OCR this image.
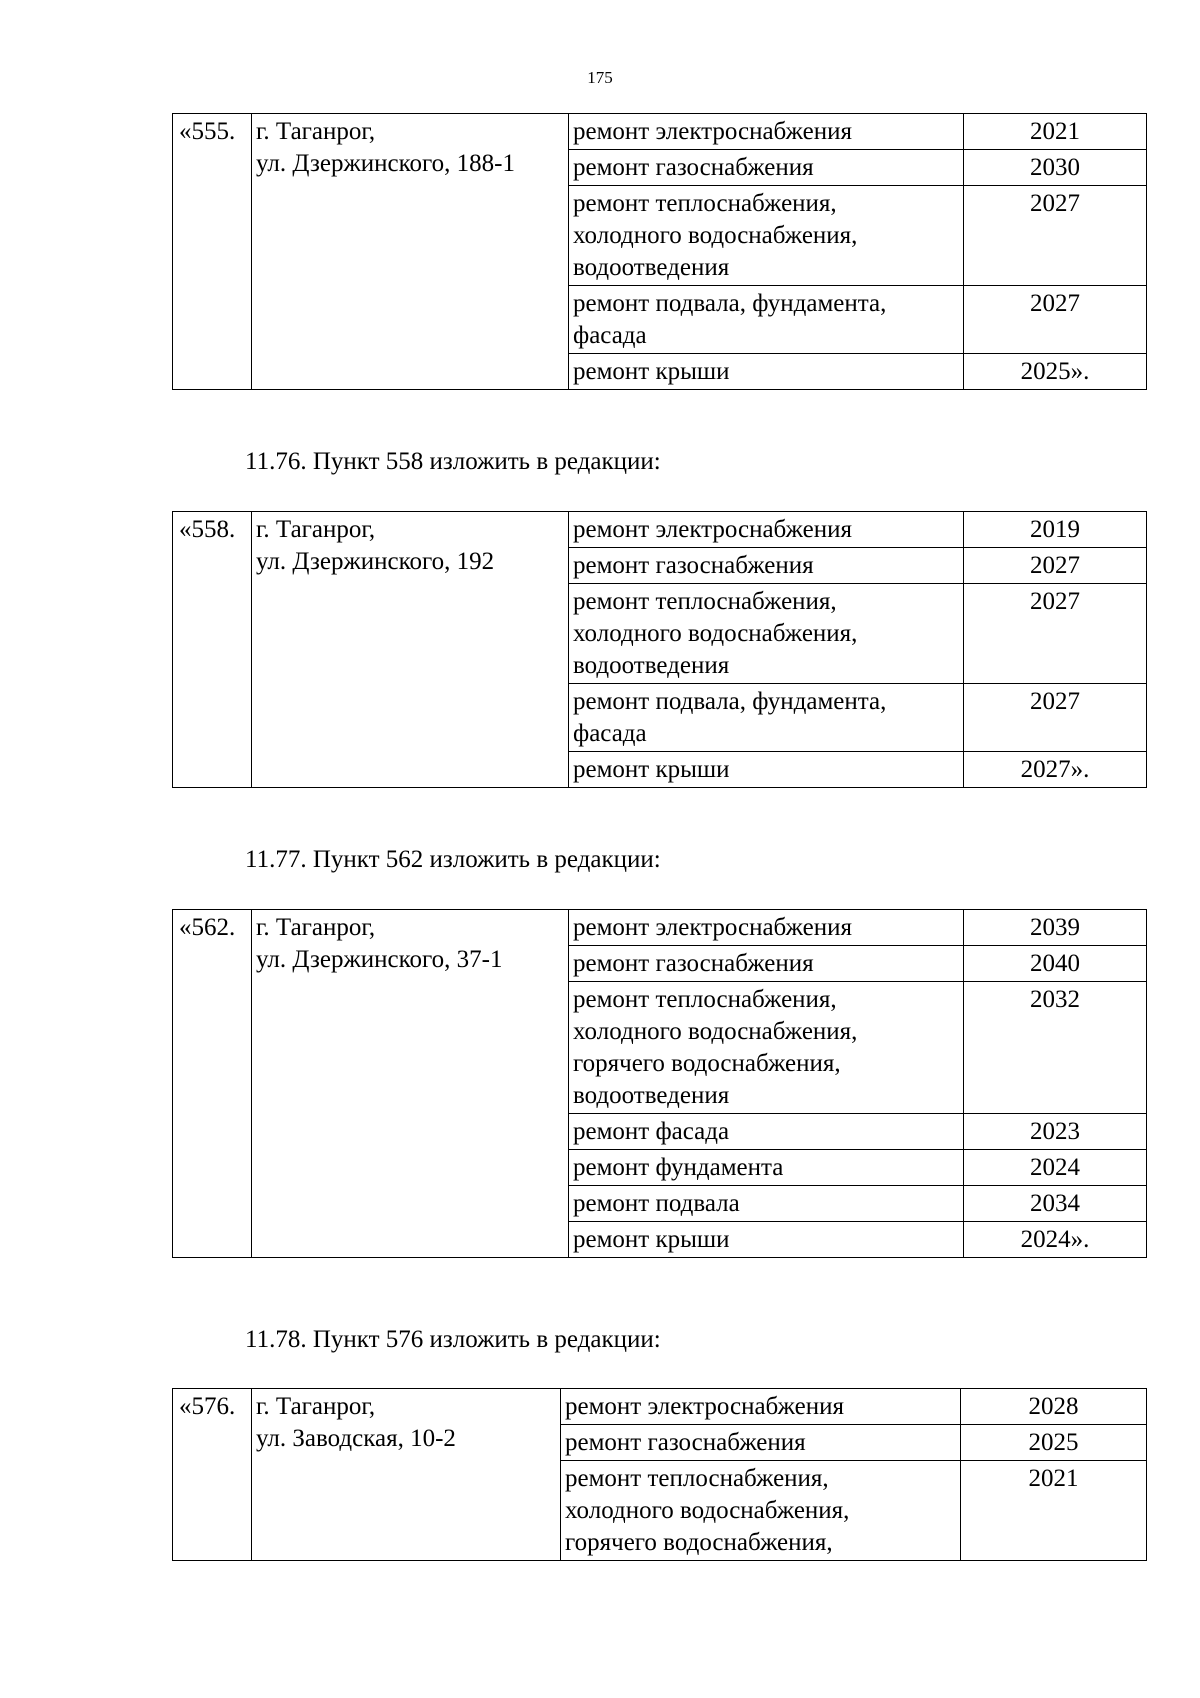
175
«555.	г. Таганрог,
ул. Дзержинского, 188-1	ремонт электроснабжения	2021

		ремонт газоснабжения	2030

		ремонт теплоснабжения,
холодного водоснабжения,
водоотведения	2027

		ремонт подвала, фундамента,
фасада	2027

		ремонт крыши	2025».
11.76. Пункт 558 изложить в редакции:
«558.	г. Таганрог,
ул. Дзержинского, 192	ремонт электроснабжения	2019

		ремонт газоснабжения	2027

		ремонт теплоснабжения,
холодного водоснабжения,
водоотведения	2027

		ремонт подвала, фундамента,
фасада	2027

		ремонт крыши	2027».
11.77. Пункт 562 изложить в редакции:
«562.	г. Таганрог,
ул. Дзержинского, 37-1	ремонт электроснабжения	2039

		ремонт газоснабжения	2040

		ремонт теплоснабжения,
холодного водоснабжения,
горячего водоснабжения,
водоотведения	2032

		ремонт фасада	2023

		ремонт фундамента	2024

		ремонт подвала	2034

		ремонт крыши	2024».
11.78. Пункт 576 изложить в редакции:
«576.	г. Таганрог,
ул. Заводская, 10-2	ремонт электроснабжения	2028

		ремонт газоснабжения	2025

		ремонт теплоснабжения,
холодного водоснабжения,
горячего водоснабжения,	2021
